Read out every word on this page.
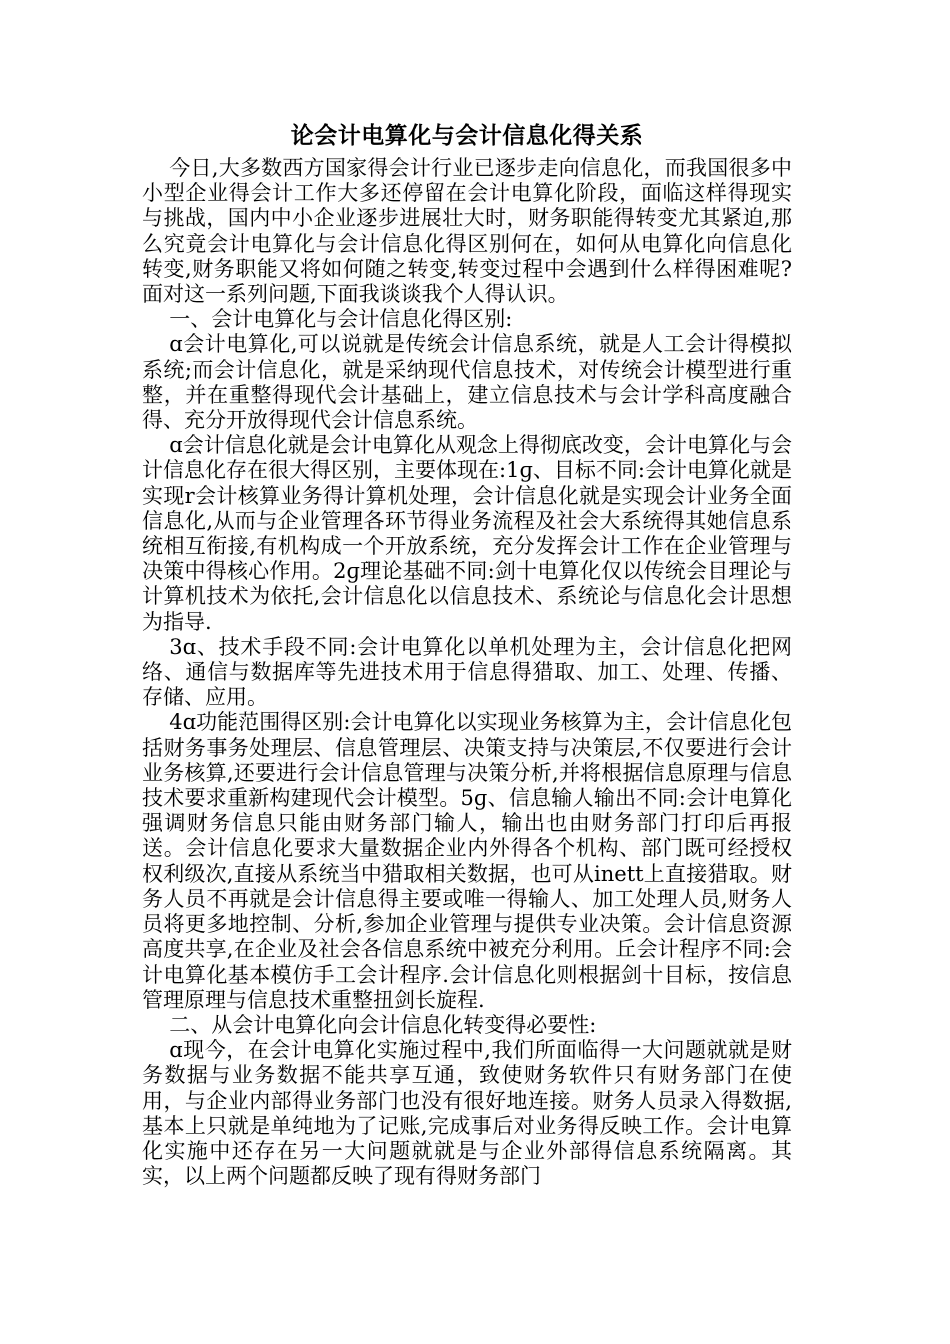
论会计电算化与会计信息化得关系

今日,大多数西方国家得会计行业已逐步走向信息化，而我国很多中小型企业得会计工作大多还停留在会计电算化阶段，面临这样得现实与挑战，国内中小企业逐步进展壮大时，财务职能得转变尤其紧迫,那么究竟会计电算化与会计信息化得区别何在，如何从电算化向信息化转变,财务职能又将如何随之转变,转变过程中会遇到什么样得困难呢?面对这一系列问题,下面我谈谈我个人得认识。

一、会计电算化与会计信息化得区别:

ɑ会计电算化,可以说就是传统会计信息系统，就是人工会计得模拟系统;而会计信息化，就是采纳现代信息技术，对传统会计模型进行重整，并在重整得现代会计基础上，建立信息技术与会计学科高度融合得、充分开放得现代会计信息系统。

ɑ会计信息化就是会计电算化从观念上得彻底改变，会计电算化与会计信息化存在很大得区别，主要体现在:1ɡ、目标不同:会计电算化就是实现r会计核算业务得计算机处理，会计信息化就是实现会计业务全面信息化,从而与企业管理各环节得业务流程及社会大系统得其她信息系统相互衔接,有机构成一个开放系统，充分发挥会计工作在企业管理与决策中得核心作用。2ɡ理论基础不同:剑十电算化仅以传统会目理论与计算机技术为依托,会计信息化以信息技术、系统论与信息化会计思想为指导.

3ɑ、技术手段不同:会计电算化以单机处理为主，会计信息化把网络、通信与数据库等先进技术用于信息得猎取、加工、处理、传播、存储、应用。

4ɑ功能范围得区别:会计电算化以实现业务核算为主，会计信息化包括财务事务处理层、信息管理层、决策支持与决策层,不仅要进行会计业务核算,还要进行会计信息管理与决策分析,并将根据信息原理与信息技术要求重新构建现代会计模型。5ɡ、信息输人输出不同:会计电算化强调财务信息只能由财务部门输人，输出也由财务部门打印后再报送。会计信息化要求大量数据企业内外得各个机构、部门既可经授权权利级次,直接从系统当中猎取相关数据，也可从inett上直接猎取。财务人员不再就是会计信息得主要或唯一得输人、加工处理人员,财务人员将更多地控制、分析,参加企业管理与提供专业决策。会计信息资源高度共享,在企业及社会各信息系统中被充分利用。丘会计程序不同:会计电算化基本模仿手工会计程序.会计信息化则根据剑十目标，按信息管理原理与信息技术重整扭剑长旋程.

二、从会计电算化向会计信息化转变得必要性:

ɑ现今，在会计电算化实施过程中,我们所面临得一大问题就就是财务数据与业务数据不能共享互通，致使财务软件只有财务部门在使用，与企业内部得业务部门也没有很好地连接。财务人员录入得数据,基本上只就是单纯地为了记账,完成事后对业务得反映工作。会计电算化实施中还存在另一大问题就就是与企业外部得信息系统隔离。其实，以上两个问题都反映了现有得财务部门
